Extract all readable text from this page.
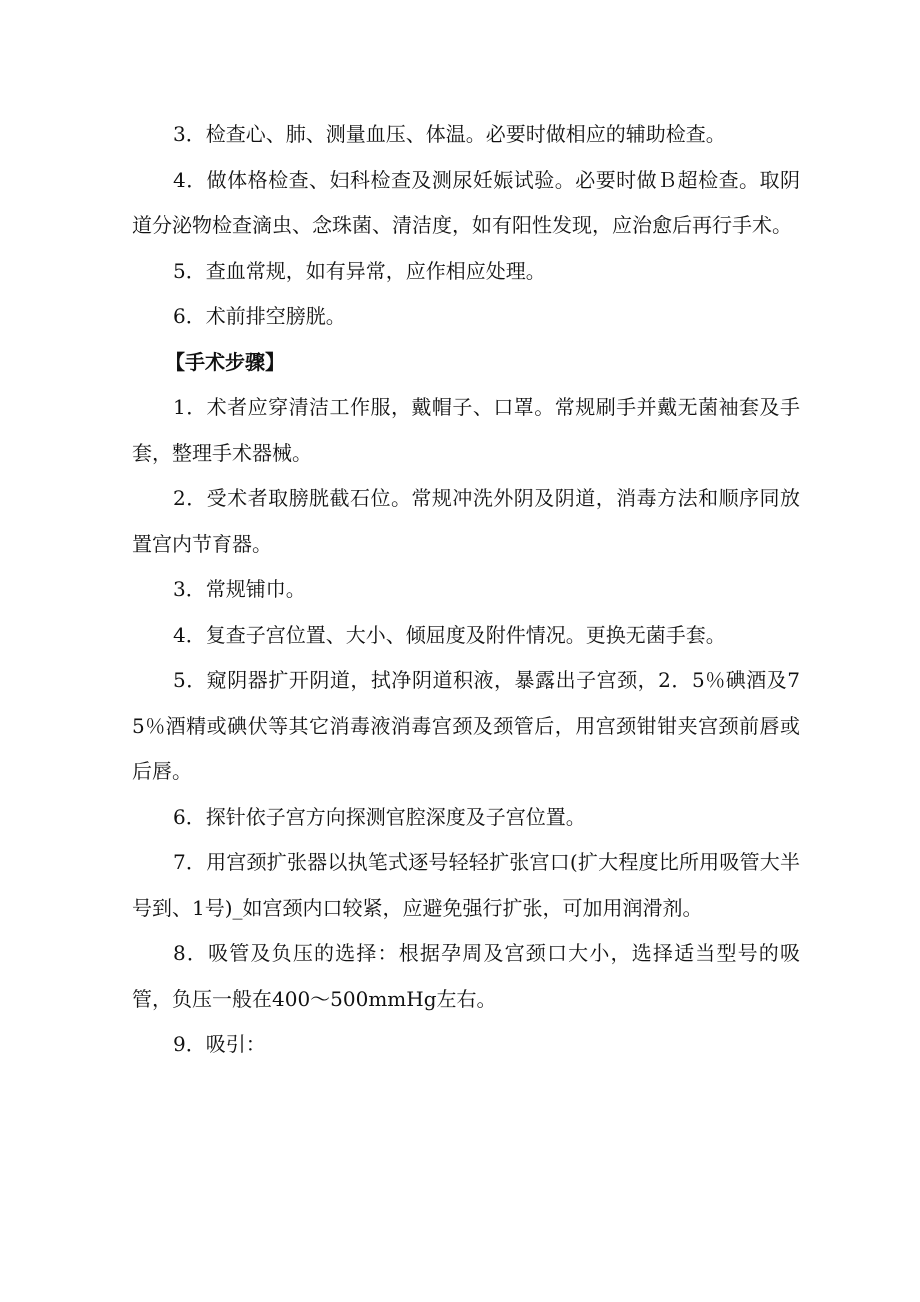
3．检查心、肺、测量血压、体温。必要时做相应的辅助检查。

4．做体格检查、妇科检查及测尿妊娠试验。必要时做Ｂ超检查。取阴道分泌物检查滴虫、念珠菌、清洁度，如有阳性发现，应治愈后再行手术。

5．查血常规，如有异常，应作相应处理。

6．术前排空膀胱。

【手术步骤】

1．术者应穿清洁工作服，戴帽子、口罩。常规刷手并戴无菌袖套及手套，整理手术器械。

2．受术者取膀胱截石位。常规冲洗外阴及阴道，消毒方法和顺序同放置宫内节育器。

3．常规铺巾。

4．复查子宫位置、大小、倾屈度及附件情况。更换无菌手套。

5．窥阴器扩开阴道，拭净阴道积液，暴露出子宫颈，2．5％碘酒及75％酒精或碘伏等其它消毒液消毒宫颈及颈管后，用宫颈钳钳夹宫颈前唇或后唇。

6．探针依子宫方向探测官腔深度及子宫位置。

7．用宫颈扩张器以执笔式逐号轻轻扩张宫口(扩大程度比所用吸管大半号到、1号)_如宫颈内口较紧，应避免强行扩张，可加用润滑剂。

8．吸管及负压的选择：根据孕周及宫颈口大小，选择适当型号的吸管，负压一般在400～500mmHg左右。

9．吸引：
